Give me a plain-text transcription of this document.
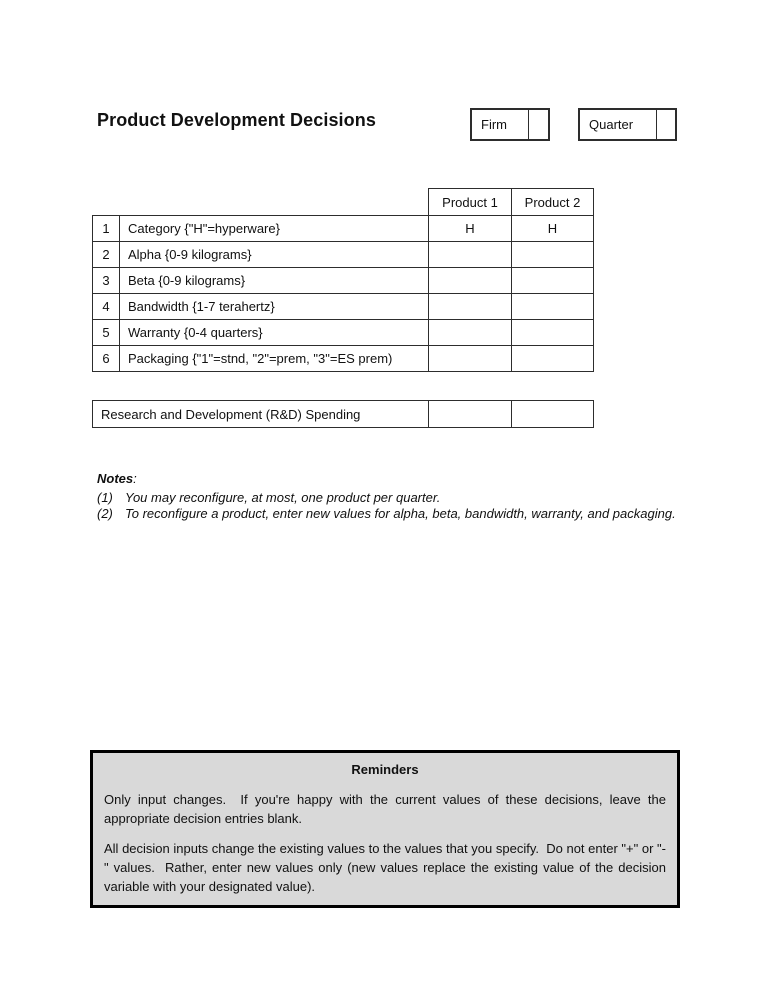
Product Development Decisions	Firm	Quarter
		Product 1	Product 2
1	Category {"H"=hyperware}	H	H
2	Alpha {0-9 kilograms}		
3	Beta {0-9 kilograms}		
4	Bandwidth {1-7 terahertz}		
5	Warranty {0-4 quarters}		
6	Packaging {"1"=stnd, "2"=prem, "3"=ES prem)		
Research and Development (R&D) Spending		
Notes:
(1) You may reconfigure, at most, one product per quarter.
(2) To reconfigure a product, enter new values for alpha, beta, bandwidth, warranty, and packaging.
Reminders
Only input changes.  If you're happy with the current values of these decisions, leave the appropriate decision entries blank.
All decision inputs change the existing values to the values that you specify.  Do not enter "+" or "-" values.  Rather, enter new values only (new values replace the existing value of the decision variable with your designated value).
